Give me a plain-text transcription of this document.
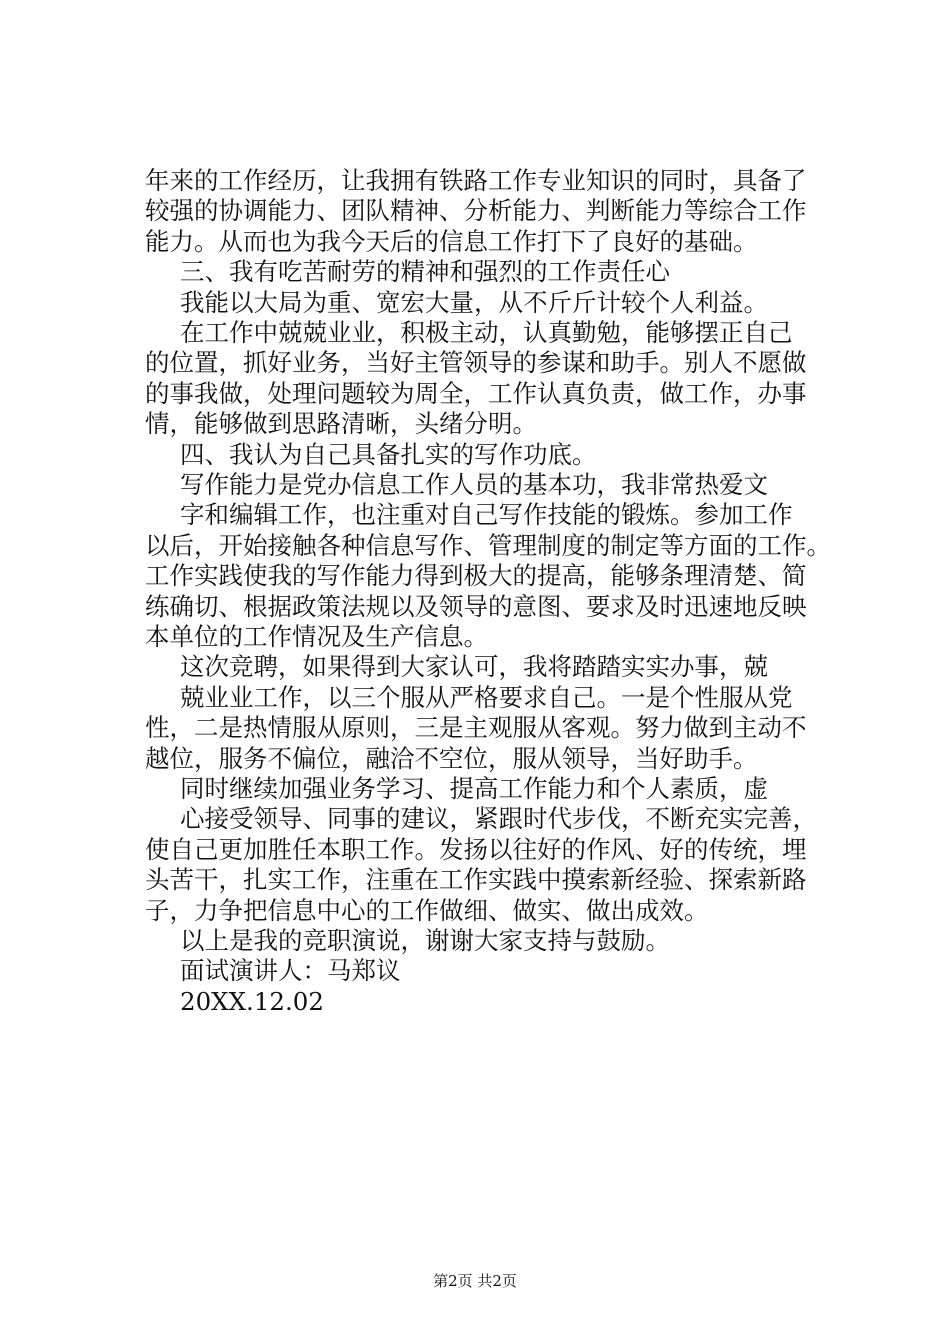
年来的工作经历，让我拥有铁路工作专业知识的同时，具备了
较强的协调能力、团队精神、分析能力、判断能力等综合工作
能力。从而也为我今天后的信息工作打下了良好的基础。
三、我有吃苦耐劳的精神和强烈的工作责任心
我能以大局为重、宽宏大量，从不斤斤计较个人利益。
在工作中兢兢业业，积极主动，认真勤勉，能够摆正自己
的位置，抓好业务，当好主管领导的参谋和助手。别人不愿做
的事我做，处理问题较为周全，工作认真负责，做工作，办事
情，能够做到思路清晰，头绪分明。
四、我认为自己具备扎实的写作功底。
写作能力是党办信息工作人员的基本功，我非常热爱文
字和编辑工作，也注重对自己写作技能的锻炼。参加工作
以后，开始接触各种信息写作、管理制度的制定等方面的工作。
工作实践使我的写作能力得到极大的提高，能够条理清楚、简
练确切、根据政策法规以及领导的意图、要求及时迅速地反映
本单位的工作情况及生产信息。
这次竞聘，如果得到大家认可，我将踏踏实实办事，兢
兢业业工作，以三个服从严格要求自己。一是个性服从党
性，二是热情服从原则，三是主观服从客观。努力做到主动不
越位，服务不偏位，融洽不空位，服从领导，当好助手。
同时继续加强业务学习、提高工作能力和个人素质，虚
心接受领导、同事的建议，紧跟时代步伐，不断充实完善，
使自己更加胜任本职工作。发扬以往好的作风、好的传统，埋
头苦干，扎实工作，注重在工作实践中摸索新经验、探索新路
子，力争把信息中心的工作做细、做实、做出成效。
以上是我的竞职演说，谢谢大家支持与鼓励。
面试演讲人：马郑议
20XX.12.02
第2页 共2页
